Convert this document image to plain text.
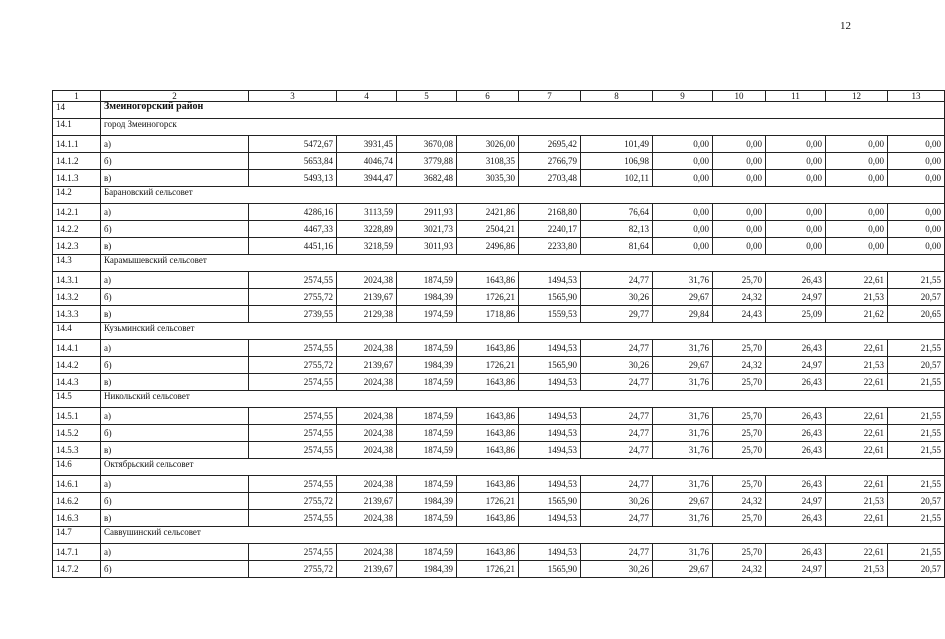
12
1	2	3	4	5	6	7	8	9	10	11	12	13
14	Змеиногорский район											
14.1	город Змеиногорск											
14.1.1	а)	5472,67	3931,45	3670,08	3026,00	2695,42	101,49	0,00	0,00	0,00	0,00	0,00
14.1.2	б)	5653,84	4046,74	3779,88	3108,35	2766,79	106,98	0,00	0,00	0,00	0,00	0,00
14.1.3	в)	5493,13	3944,47	3682,48	3035,30	2703,48	102,11	0,00	0,00	0,00	0,00	0,00
14.2	Барановский сельсовет											
14.2.1	а)	4286,16	3113,59	2911,93	2421,86	2168,80	76,64	0,00	0,00	0,00	0,00	0,00
14.2.2	б)	4467,33	3228,89	3021,73	2504,21	2240,17	82,13	0,00	0,00	0,00	0,00	0,00
14.2.3	в)	4451,16	3218,59	3011,93	2496,86	2233,80	81,64	0,00	0,00	0,00	0,00	0,00
14.3	Карамышевский сельсовет											
14.3.1	а)	2574,55	2024,38	1874,59	1643,86	1494,53	24,77	31,76	25,70	26,43	22,61	21,55
14.3.2	б)	2755,72	2139,67	1984,39	1726,21	1565,90	30,26	29,67	24,32	24,97	21,53	20,57
14.3.3	в)	2739,55	2129,38	1974,59	1718,86	1559,53	29,77	29,84	24,43	25,09	21,62	20,65
14.4	Кузьминский сельсовет											
14.4.1	а)	2574,55	2024,38	1874,59	1643,86	1494,53	24,77	31,76	25,70	26,43	22,61	21,55
14.4.2	б)	2755,72	2139,67	1984,39	1726,21	1565,90	30,26	29,67	24,32	24,97	21,53	20,57
14.4.3	в)	2574,55	2024,38	1874,59	1643,86	1494,53	24,77	31,76	25,70	26,43	22,61	21,55
14.5	Никольский сельсовет											
14.5.1	а)	2574,55	2024,38	1874,59	1643,86	1494,53	24,77	31,76	25,70	26,43	22,61	21,55
14.5.2	б)	2574,55	2024,38	1874,59	1643,86	1494,53	24,77	31,76	25,70	26,43	22,61	21,55
14.5.3	в)	2574,55	2024,38	1874,59	1643,86	1494,53	24,77	31,76	25,70	26,43	22,61	21,55
14.6	Октябрьский сельсовет											
14.6.1	а)	2574,55	2024,38	1874,59	1643,86	1494,53	24,77	31,76	25,70	26,43	22,61	21,55
14.6.2	б)	2755,72	2139,67	1984,39	1726,21	1565,90	30,26	29,67	24,32	24,97	21,53	20,57
14.6.3	в)	2574,55	2024,38	1874,59	1643,86	1494,53	24,77	31,76	25,70	26,43	22,61	21,55
14.7	Саввушинский сельсовет											
14.7.1	а)	2574,55	2024,38	1874,59	1643,86	1494,53	24,77	31,76	25,70	26,43	22,61	21,55
14.7.2	б)	2755,72	2139,67	1984,39	1726,21	1565,90	30,26	29,67	24,32	24,97	21,53	20,57
